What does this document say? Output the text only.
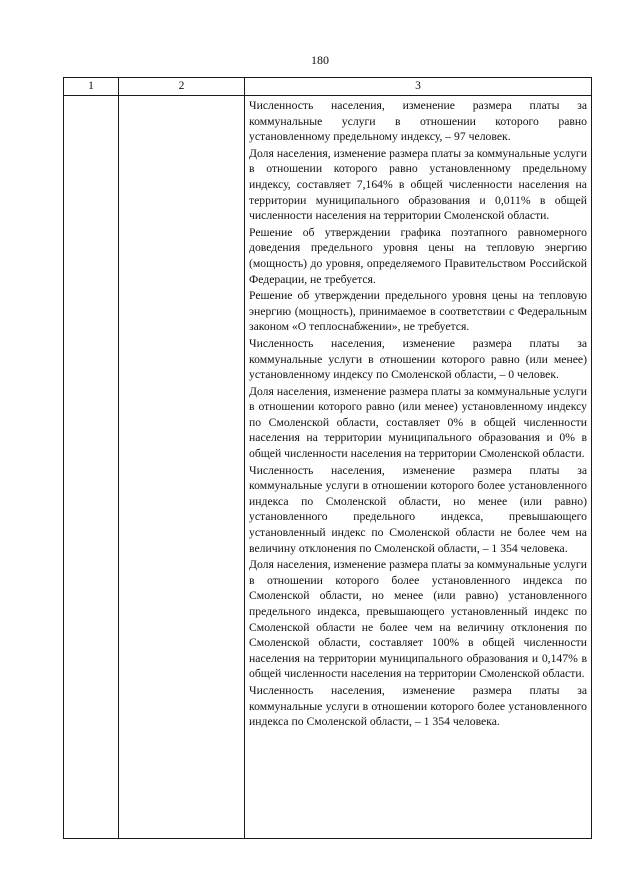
180
1	2	3

Численность населения, изменение размера платы за коммунальные услуги в отношении которого равно установленному предельному индексу, – 97 человек.

Доля населения, изменение размера платы за коммунальные услуги в отношении которого равно установленному предельному индексу, составляет 7,164% в общей численности населения на территории муниципального образования и 0,011% в общей численности населения на территории Смоленской области.

Решение об утверждении графика поэтапного равномерного доведения предельного уровня цены на тепловую энергию (мощность) до уровня, определяемого Правительством Российской Федерации, не требуется.

Решение об утверждении предельного уровня цены на тепловую энергию (мощность), принимаемое в соответствии с Федеральным законом «О теплоснабжении», не требуется.

Численность населения, изменение размера платы за коммунальные услуги в отношении которого равно (или менее) установленному индексу по Смоленской области, – 0 человек.

Доля населения, изменение размера платы за коммунальные услуги в отношении которого равно (или менее) установленному индексу по Смоленской области, составляет 0% в общей численности населения на территории муниципального образования и 0% в общей численности населения на территории Смоленской области.

Численность населения, изменение размера платы за коммунальные услуги в отношении которого более установленного индекса по Смоленской области, но менее (или равно) установленного предельного индекса, превышающего установленный индекс по Смоленской области не более чем на величину отклонения по Смоленской области, – 1 354 человека.

Доля населения, изменение размера платы за коммунальные услуги в отношении которого более установленного индекса по Смоленской области, но менее (или равно) установленного предельного индекса, превышающего установленный индекс по Смоленской области не более чем на величину отклонения по Смоленской области, составляет 100% в общей численности населения на территории муниципального образования и 0,147% в общей численности населения на территории Смоленской области.

Численность населения, изменение размера платы за коммунальные услуги в отношении которого более установленного индекса по Смоленской области, – 1 354 человека.
